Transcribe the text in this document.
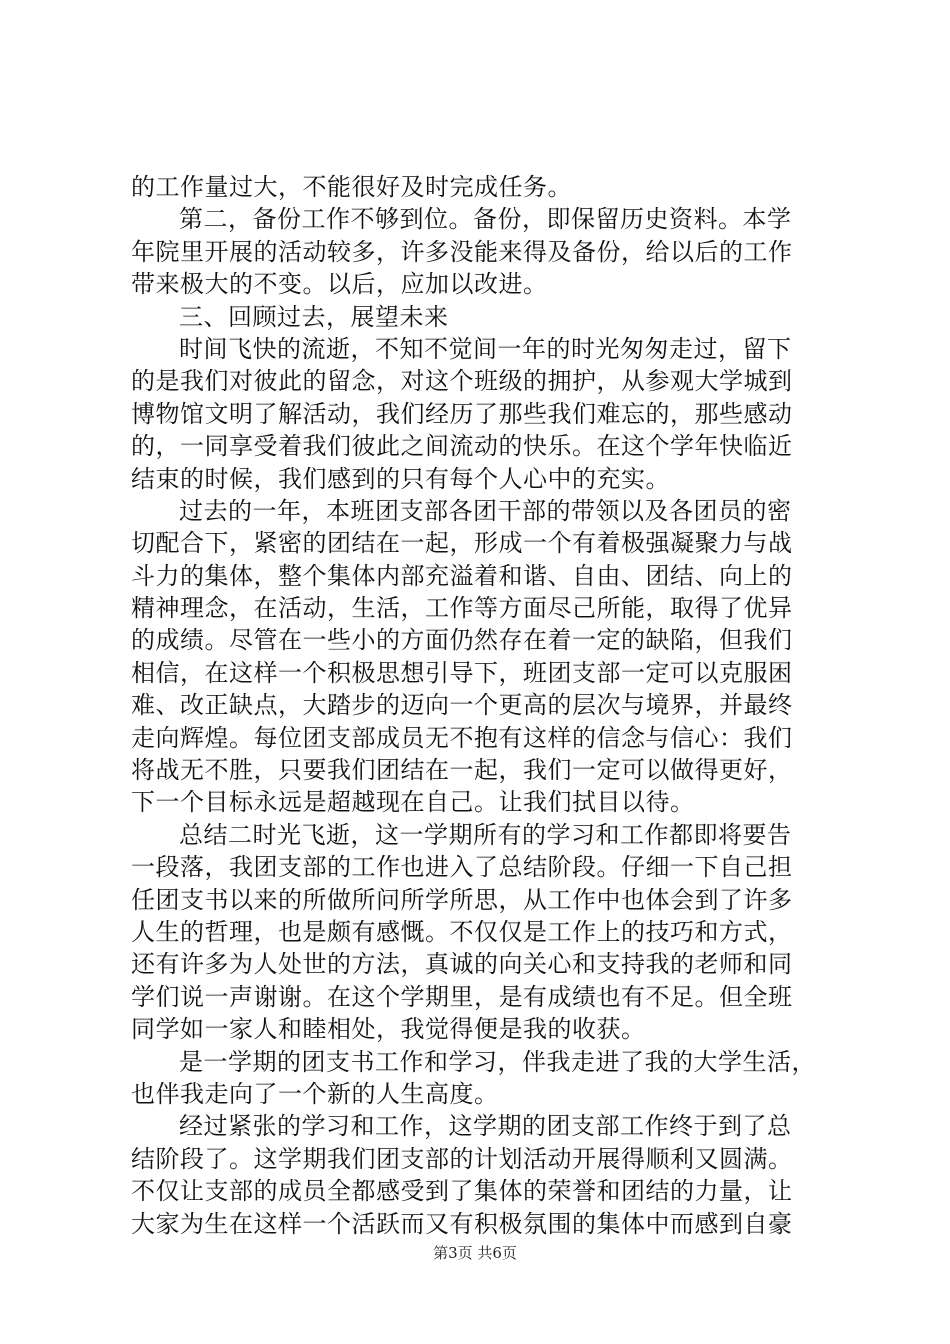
的工作量过大，不能很好及时完成任务。
第二，备份工作不够到位。备份，即保留历史资料。本学
年院里开展的活动较多，许多没能来得及备份，给以后的工作
带来极大的不变。以后，应加以改进。
三、回顾过去，展望未来
时间飞快的流逝，不知不觉间一年的时光匆匆走过，留下
的是我们对彼此的留念，对这个班级的拥护，从参观大学城到
博物馆文明了解活动，我们经历了那些我们难忘的，那些感动
的，一同享受着我们彼此之间流动的快乐。在这个学年快临近
结束的时候，我们感到的只有每个人心中的充实。
过去的一年，本班团支部各团干部的带领以及各团员的密
切配合下，紧密的团结在一起，形成一个有着极强凝聚力与战
斗力的集体，整个集体内部充溢着和谐、自由、团结、向上的
精神理念，在活动，生活，工作等方面尽己所能，取得了优异
的成绩。尽管在一些小的方面仍然存在着一定的缺陷，但我们
相信，在这样一个积极思想引导下，班团支部一定可以克服困
难、改正缺点，大踏步的迈向一个更高的层次与境界，并最终
走向辉煌。每位团支部成员无不抱有这样的信念与信心：我们
将战无不胜，只要我们团结在一起，我们一定可以做得更好，
下一个目标永远是超越现在自己。让我们拭目以待。
总结二时光飞逝，这一学期所有的学习和工作都即将要告
一段落，我团支部的工作也进入了总结阶段。仔细一下自己担
任团支书以来的所做所问所学所思，从工作中也体会到了许多
人生的哲理，也是颇有感慨。不仅仅是工作上的技巧和方式，
还有许多为人处世的方法，真诚的向关心和支持我的老师和同
学们说一声谢谢。在这个学期里，是有成绩也有不足。但全班
同学如一家人和睦相处，我觉得便是我的收获。
是一学期的团支书工作和学习，伴我走进了我的大学生活，
也伴我走向了一个新的人生高度。
经过紧张的学习和工作，这学期的团支部工作终于到了总
结阶段了。这学期我们团支部的计划活动开展得顺利又圆满。
不仅让支部的成员全都感受到了集体的荣誉和团结的力量，让
大家为生在这样一个活跃而又有积极氛围的集体中而感到自豪
第3页 共6页
